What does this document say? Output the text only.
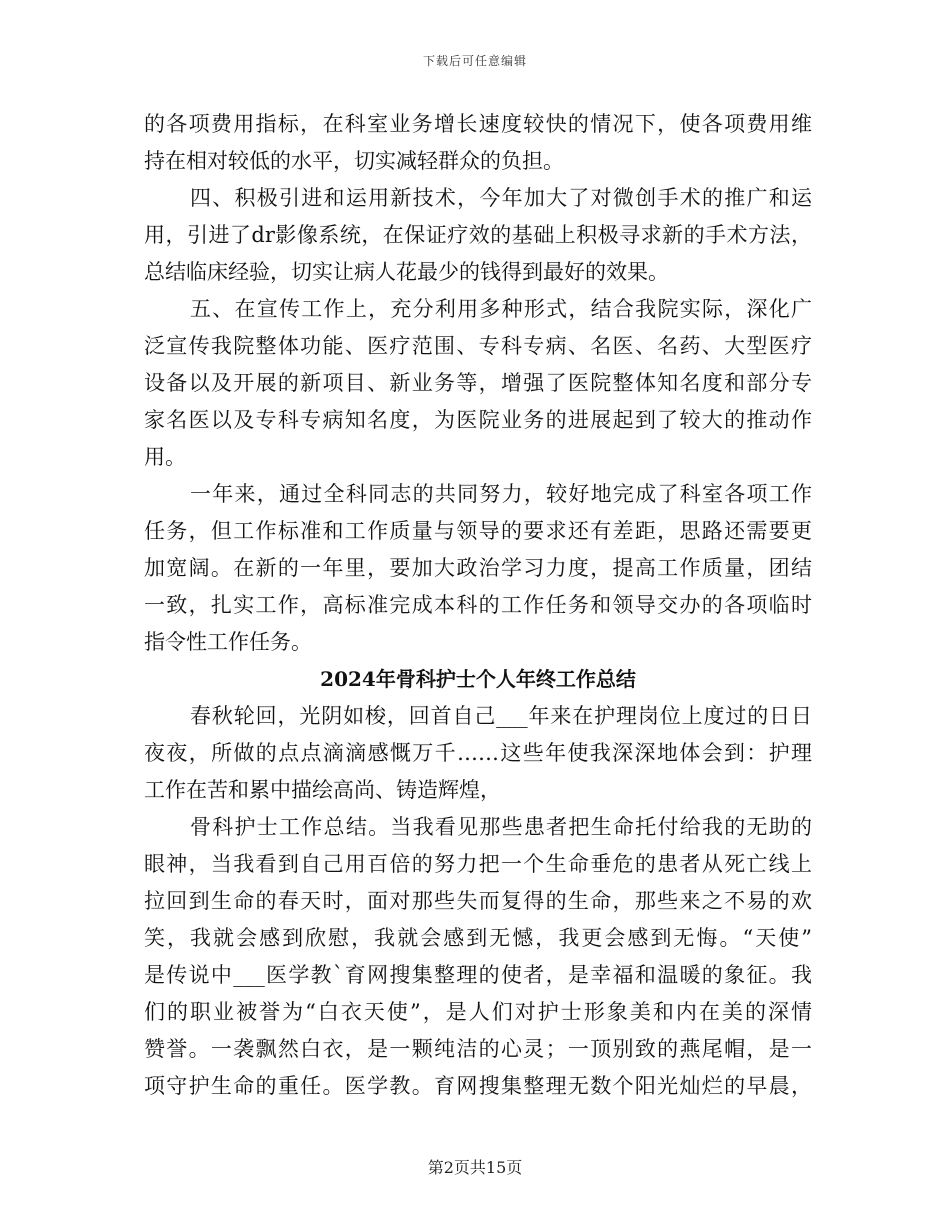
下载后可任意编辑
的各项费用指标，在科室业务增长速度较快的情况下，使各项费用维
持在相对较低的水平，切实减轻群众的负担。
四、积极引进和运用新技术，今年加大了对微创手术的推广和运
用，引进了dr影像系统，在保证疗效的基础上积极寻求新的手术方法，
总结临床经验，切实让病人花最少的钱得到最好的效果。
五、在宣传工作上，充分利用多种形式，结合我院实际，深化广
泛宣传我院整体功能、医疗范围、专科专病、名医、名药、大型医疗
设备以及开展的新项目、新业务等，增强了医院整体知名度和部分专
家名医以及专科专病知名度，为医院业务的进展起到了较大的推动作
用。
一年来，通过全科同志的共同努力，较好地完成了科室各项工作
任务，但工作标准和工作质量与领导的要求还有差距，思路还需要更
加宽阔。在新的一年里，要加大政治学习力度，提高工作质量，团结
一致，扎实工作，高标准完成本科的工作任务和领导交办的各项临时
指令性工作任务。
2024年骨科护士个人年终工作总结
春秋轮回，光阴如梭，回首自己___年来在护理岗位上度过的日日
夜夜，所做的点点滴滴感慨万千……这些年使我深深地体会到：护理
工作在苦和累中描绘高尚、铸造辉煌，
骨科护士工作总结。当我看见那些患者把生命托付给我的无助的
眼神，当我看到自己用百倍的努力把一个生命垂危的患者从死亡线上
拉回到生命的春天时，面对那些失而复得的生命，那些来之不易的欢
笑，我就会感到欣慰，我就会感到无憾，我更会感到无悔。“天使”
是传说中___医学教`育网搜集整理的使者，是幸福和温暖的象征。我
们的职业被誉为“白衣天使”，是人们对护士形象美和内在美的深情
赞誉。一袭飘然白衣，是一颗纯洁的心灵；一顶别致的燕尾帽，是一
项守护生命的重任。医学教。育网搜集整理无数个阳光灿烂的早晨，
第2页共15页
